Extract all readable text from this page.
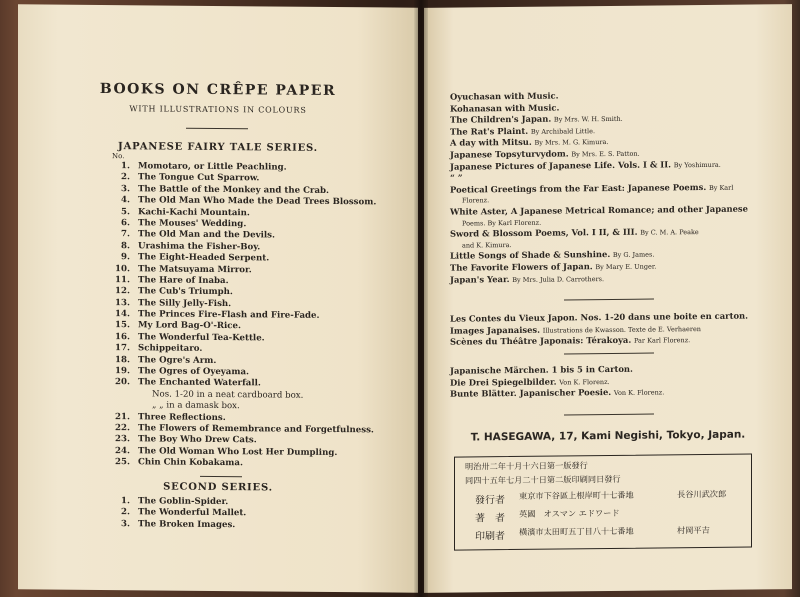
BOOKS ON CRÊPE PAPER
WITH ILLUSTRATIONS IN COLOURS
JAPANESE FAIRY TALE SERIES.
No.
1. Momotaro, or Little Peachling.
2. The Tongue Cut Sparrow.
3. The Battle of the Monkey and the Crab.
4. The Old Man Who Made the Dead Trees Blossom.
5. Kachi-Kachi Mountain.
6. The Mouses' Wedding.
7. The Old Man and the Devils.
8. Urashima the Fisher-Boy.
9. The Eight-Headed Serpent.
10. The Matsuyama Mirror.
11. The Hare of Inaba.
12. The Cub's Triumph.
13. The Silly Jelly-Fish.
14. The Princes Fire-Flash and Fire-Fade.
15. My Lord Bag-O'-Rice.
16. The Wonderful Tea-Kettle.
17. Schippeitaro.
18. The Ogre's Arm.
19. The Ogres of Oyeyama.
20. The Enchanted Waterfall.
Nos. 1-20 in a neat cardboard box.
„ „ in a damask box.
21. Three Reflections.
22. The Flowers of Remembrance and Forgetfulness.
23. The Boy Who Drew Cats.
24. The Old Woman Who Lost Her Dumpling.
25. Chin Chin Kobakama.
SECOND SERIES.
1. The Goblin-Spider.
2. The Wonderful Mallet.
3. The Broken Images.
Oyuchasan with Music.
Kohanasan with Music.
The Children's Japan. By Mrs. W. H. Smith.
The Rat's Plaint. By Archibald Little.
A day with Mitsu. By Mrs. M. G. Kimura.
Japanese Topsyturvydom. By Mrs. E. S. Patton.
Japanese Pictures of Japanese Life. Vols. I & II. By Yoshimura.
“ ”
Poetical Greetings from the Far East: Japanese Poems. By Karl
Florenz.
White Aster, A Japanese Metrical Romance; and other Japanese
Poems. By Karl Florenz.
Sword & Blossom Poems, Vol. I II, & III. By C. M. A. Peake
and K. Kimura.
Little Songs of Shade & Sunshine. By G. James.
The Favorite Flowers of Japan. By Mary E. Unger.
Japan's Year. By Mrs. Julia D. Carrothers.
Les Contes du Vieux Japon. Nos. 1-20 dans une boite en carton.
Images Japanaises. Illustrations de Kwasson. Texte de E. Verhaeren
Scènes du Théâtre Japonais: Térakoya. Par Karl Florenz.
Japanische Märchen. 1 bis 5 in Carton.
Die Drei Spiegelbilder. Von K. Florenz.
Bunte Blätter. Japanischer Poesie. Von K. Florenz.
T. HASEGAWA, 17, Kami Negishi, Tokyo, Japan.
明治卅二年十月十六日第一版發行
同四十五年七月二十日第二版印刷同日發行
發行者 東京市下谷區上根岸町十七番地	長谷川武次郎
著　者 英國　オスマン エドワード
印刷者 橫濱市太田町五丁目八十七番地	村岡平吉
